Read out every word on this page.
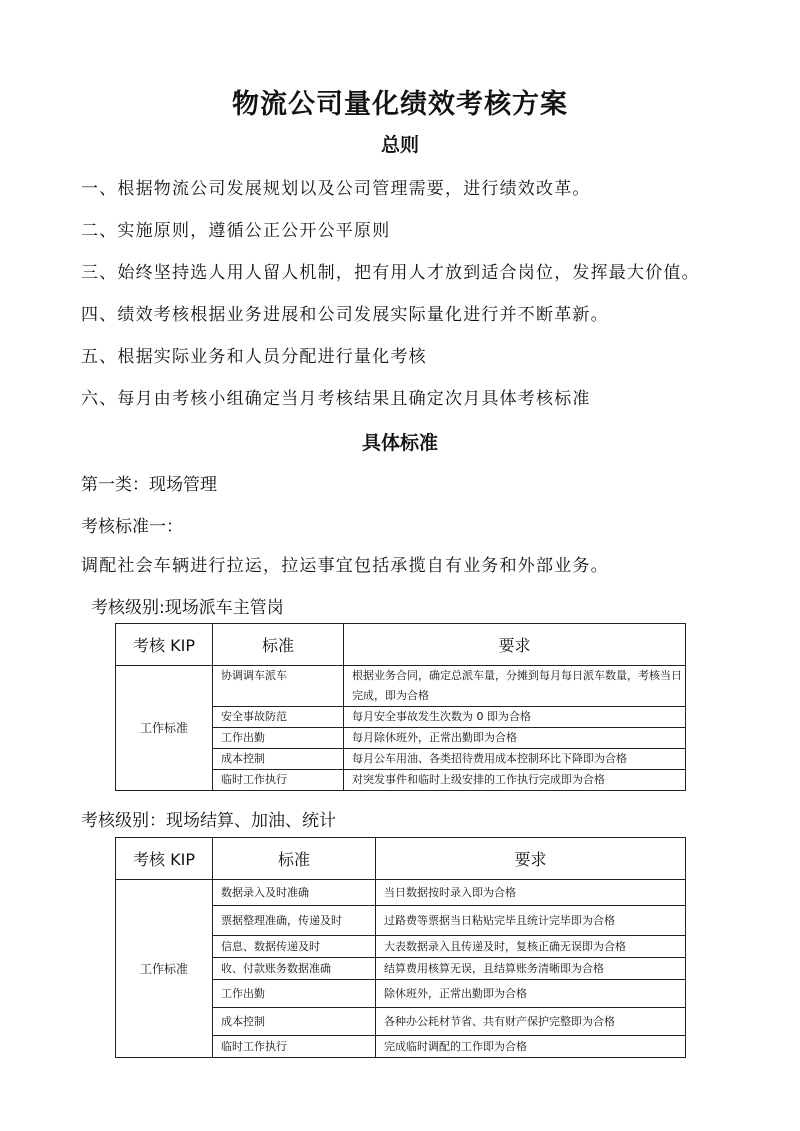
物流公司量化绩效考核方案
总则
一、根据物流公司发展规划以及公司管理需要，进行绩效改革。
二、实施原则，遵循公正公开公平原则
三、始终坚持选人用人留人机制，把有用人才放到适合岗位，发挥最大价值。
四、绩效考核根据业务进展和公司发展实际量化进行并不断革新。
五、根据实际业务和人员分配进行量化考核
六、每月由考核小组确定当月考核结果且确定次月具体考核标准
具体标准
第一类：现场管理
考核标准一：
调配社会车辆进行拉运，拉运事宜包括承揽自有业务和外部业务。
考核级别:现场派车主管岗
考核 KIP	标准	要求
工作标准	协调调车派车	根据业务合同，确定总派车量，分摊到每月每日派车数量，考核当日完成，即为合格
	安全事故防范	每月安全事故发生次数为 0 即为合格
	工作出勤	每月除休班外，正常出勤即为合格
	成本控制	每月公车用油、各类招待费用成本控制环比下降即为合格
	临时工作执行	对突发事件和临时上级安排的工作执行完成即为合格
考核级别：现场结算、加油、统计
考核 KIP	标准	要求
工作标准	数据录入及时准确	当日数据按时录入即为合格
	票据整理准确，传递及时	过路费等票据当日粘贴完毕且统计完毕即为合格
	信息、数据传递及时	大表数据录入且传递及时，复核正确无误即为合格
	收、付款账务数据准确	结算费用核算无误，且结算账务清晰即为合格
	工作出勤	除休班外，正常出勤即为合格
	成本控制	各种办公耗材节省、共有财产保护完整即为合格
	临时工作执行	完成临时调配的工作即为合格
